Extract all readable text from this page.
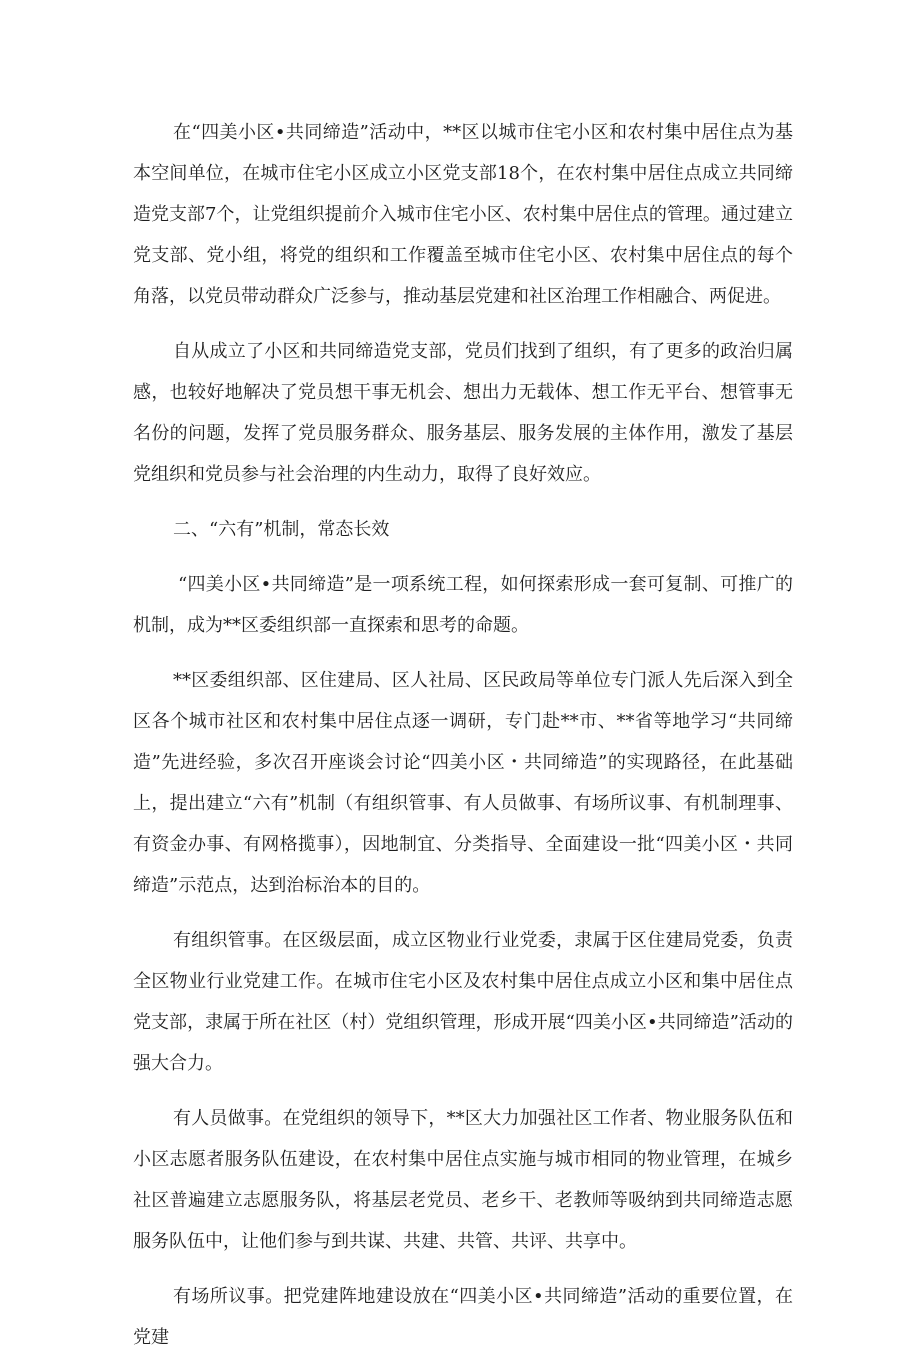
在“四美小区•共同缔造”活动中，**区以城市住宅小区和农村集中居住点为基本空间单位，在城市住宅小区成立小区党支部18个，在农村集中居住点成立共同缔造党支部7个，让党组织提前介入城市住宅小区、农村集中居住点的管理。通过建立党支部、党小组，将党的组织和工作覆盖至城市住宅小区、农村集中居住点的每个角落，以党员带动群众广泛参与，推动基层党建和社区治理工作相融合、两促进。

自从成立了小区和共同缔造党支部，党员们找到了组织，有了更多的政治归属感，也较好地解决了党员想干事无机会、想出力无载体、想工作无平台、想管事无名份的问题，发挥了党员服务群众、服务基层、服务发展的主体作用，激发了基层党组织和党员参与社会治理的内生动力，取得了良好效应。

二、“六有”机制，常态长效

“四美小区•共同缔造”是一项系统工程，如何探索形成一套可复制、可推广的机制，成为**区委组织部一直探索和思考的命题。

**区委组织部、区住建局、区人社局、区民政局等单位专门派人先后深入到全区各个城市社区和农村集中居住点逐一调研，专门赴**市、**省等地学习“共同缔造”先进经验，多次召开座谈会讨论“四美小区・共同缔造”的实现路径，在此基础上，提出建立“六有”机制（有组织管事、有人员做事、有场所议事、有机制理事、有资金办事、有网格揽事），因地制宜、分类指导、全面建设一批“四美小区・共同缔造”示范点，达到治标治本的目的。

有组织管事。在区级层面，成立区物业行业党委，隶属于区住建局党委，负责全区物业行业党建工作。在城市住宅小区及农村集中居住点成立小区和集中居住点党支部，隶属于所在社区（村）党组织管理，形成开展“四美小区•共同缔造”活动的强大合力。

有人员做事。在党组织的领导下，**区大力加强社区工作者、物业服务队伍和小区志愿者服务队伍建设，在农村集中居住点实施与城市相同的物业管理，在城乡社区普遍建立志愿服务队，将基层老党员、老乡干、老教师等吸纳到共同缔造志愿服务队伍中，让他们参与到共谋、共建、共管、共评、共享中。

有场所议事。把党建阵地建设放在“四美小区•共同缔造”活动的重要位置，在党建
